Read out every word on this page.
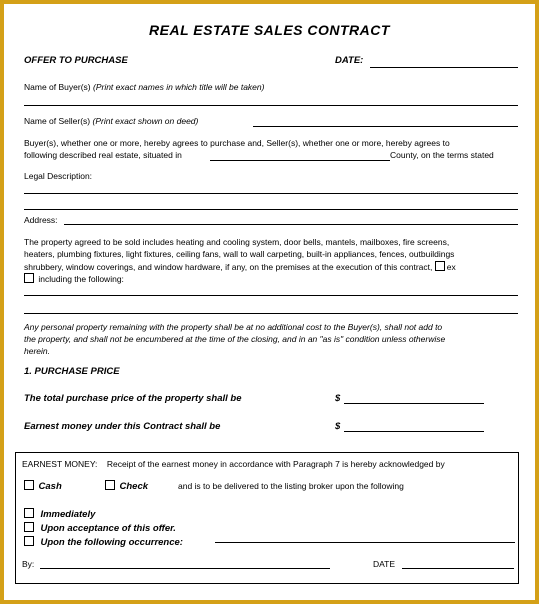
REAL ESTATE SALES CONTRACT
OFFER TO PURCHASE	DATE:
Name of Buyer(s) (Print exact names in which title will be taken)
Name of Seller(s) (Print exact shown on deed)
Buyer(s), whether one or more, hereby agrees to purchase and, Seller(s), whether one or more, hereby agrees to
following described real estate, situated in	County, on the terms stated
Legal Description:
Address:
The property agreed to be sold includes heating and cooling system, door bells, mantels, mailboxes, fire screens,
heaters, plumbing fixtures, light fixtures, ceiling fans, wall to wall carpeting, built-in appliances, fences, outbuildings
shrubbery, window coverings, and window hardware, if any, on the premises at the execution of this contract, ex
including the following:
Any personal property remaining with the property shall be at no additional cost to the Buyer(s), shall not add to
the property, and shall not be encumbered at the time of the closing, and in an "as is" condition unless otherwise
herein.
1. PURCHASE PRICE
The total purchase price of the property shall be	$
Earnest money under this Contract shall be	$
EARNEST MONEY: Receipt of the earnest money in accordance with Paragraph 7 is hereby acknowledged by
Cash	Check	and is to be delivered to the listing broker upon the following
Immediately
Upon acceptance of this offer.
Upon the following occurrence:
By:	DATE
